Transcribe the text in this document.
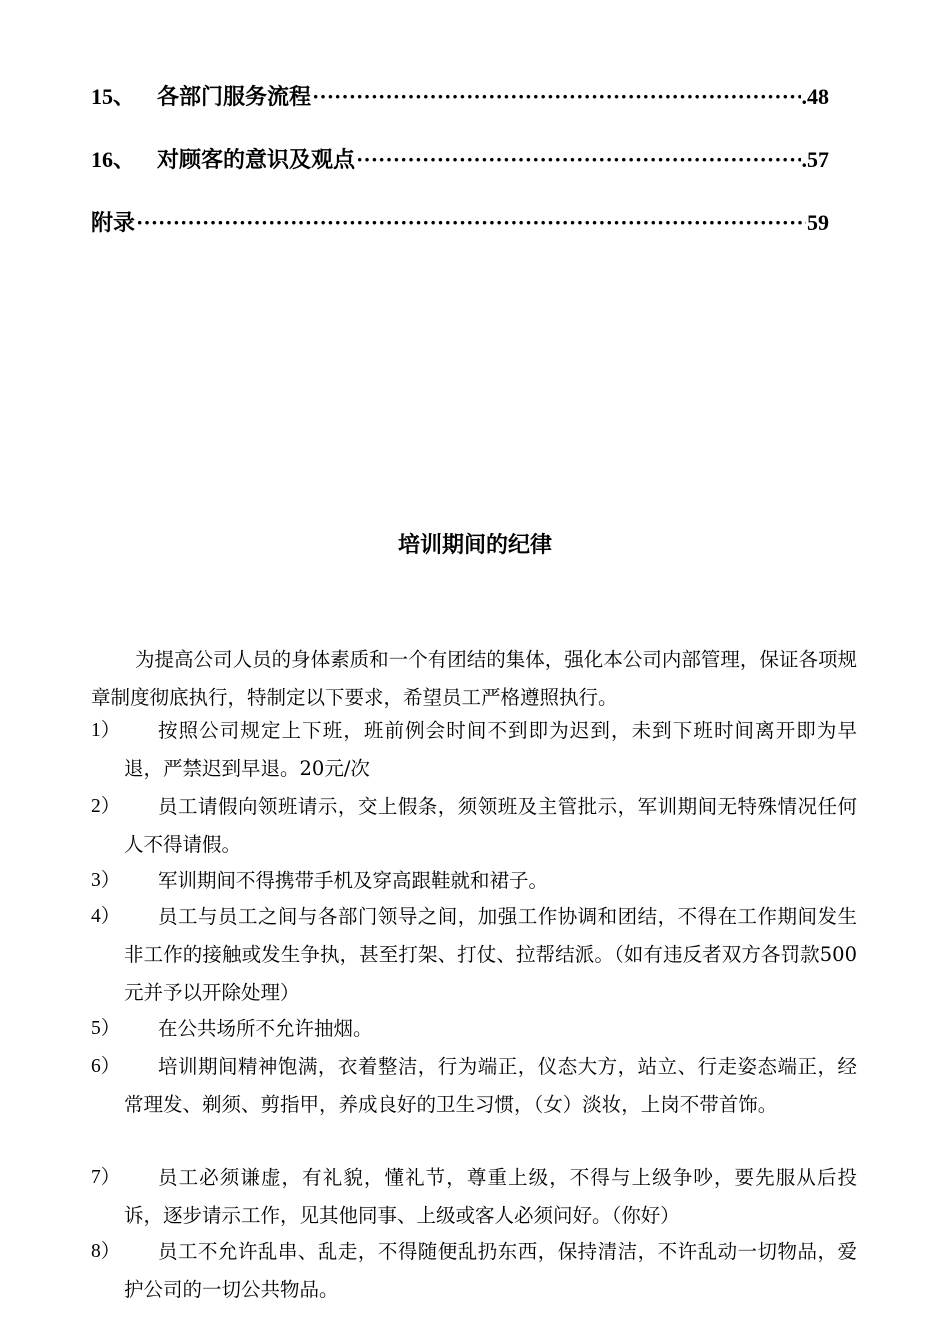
15、 各部门服务流程 ·····	.48
16、 对顾客的意识及观点 ·····	.57
附录 ·····	59
培训期间的纪律

为提高公司人员的身体素质和一个有团结的集体，强化本公司内部管理，保证各项规章制度彻底执行，特制定以下要求，希望员工严格遵照执行。

1）	按照公司规定上下班，班前例会时间不到即为迟到，未到下班时间离开即为早退，严禁迟到早退。20元/次
2）	员工请假向领班请示，交上假条，须领班及主管批示，军训期间无特殊情况任何人不得请假。
3）	军训期间不得携带手机及穿高跟鞋就和裙子。
4）	员工与员工之间与各部门领导之间，加强工作协调和团结，不得在工作期间发生非工作的接触或发生争执，甚至打架、打仗、拉帮结派。（如有违反者双方各罚款500元并予以开除处理）
5）	在公共场所不允许抽烟。
6）	培训期间精神饱满，衣着整洁，行为端正，仪态大方，站立、行走姿态端正，经常理发、剃须、剪指甲，养成良好的卫生习惯，（女）淡妆，上岗不带首饰。
7）	员工必须谦虚，有礼貌，懂礼节，尊重上级，不得与上级争吵，要先服从后投诉，逐步请示工作，见其他同事、上级或客人必须问好。（你好）
8）	员工不允许乱串、乱走，不得随便乱扔东西，保持清洁，不许乱动一切物品，爱护公司的一切公共物品。
